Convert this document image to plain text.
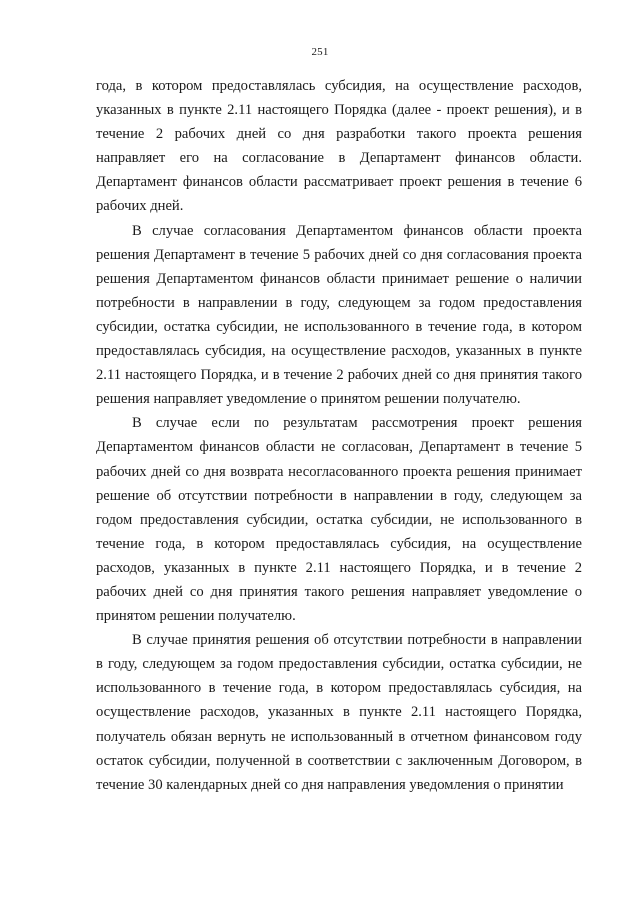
251

года, в котором предоставлялась субсидия, на осуществление расходов, указанных в пункте 2.11 настоящего Порядка (далее - проект решения), и в течение 2 рабочих дней со дня разработки такого проекта решения направляет его на согласование в Департамент финансов области. Департамент финансов области рассматривает проект решения в течение 6 рабочих дней.

В случае согласования Департаментом финансов области проекта решения Департамент в течение 5 рабочих дней со дня согласования проекта решения Департаментом финансов области принимает решение о наличии потребности в направлении в году, следующем за годом предоставления субсидии, остатка субсидии, не использованного в течение года, в котором предоставлялась субсидия, на осуществление расходов, указанных в пункте 2.11 настоящего Порядка, и в течение 2 рабочих дней со дня принятия такого решения направляет уведомление о принятом решении получателю.

В случае если по результатам рассмотрения проект решения Департаментом финансов области не согласован, Департамент в течение 5 рабочих дней со дня возврата несогласованного проекта решения принимает решение об отсутствии потребности в направлении в году, следующем за годом предоставления субсидии, остатка субсидии, не использованного в течение года, в котором предоставлялась субсидия, на осуществление расходов, указанных в пункте 2.11 настоящего Порядка, и в течение 2 рабочих дней со дня принятия такого решения направляет уведомление о принятом решении получателю.

В случае принятия решения об отсутствии потребности в направлении в году, следующем за годом предоставления субсидии, остатка субсидии, не использованного в течение года, в котором предоставлялась субсидия, на осуществление расходов, указанных в пункте 2.11 настоящего Порядка, получатель обязан вернуть не использованный в отчетном финансовом году остаток субсидии, полученной в соответствии с заключенным Договором, в течение 30 календарных дней со дня направления уведомления о принятии
